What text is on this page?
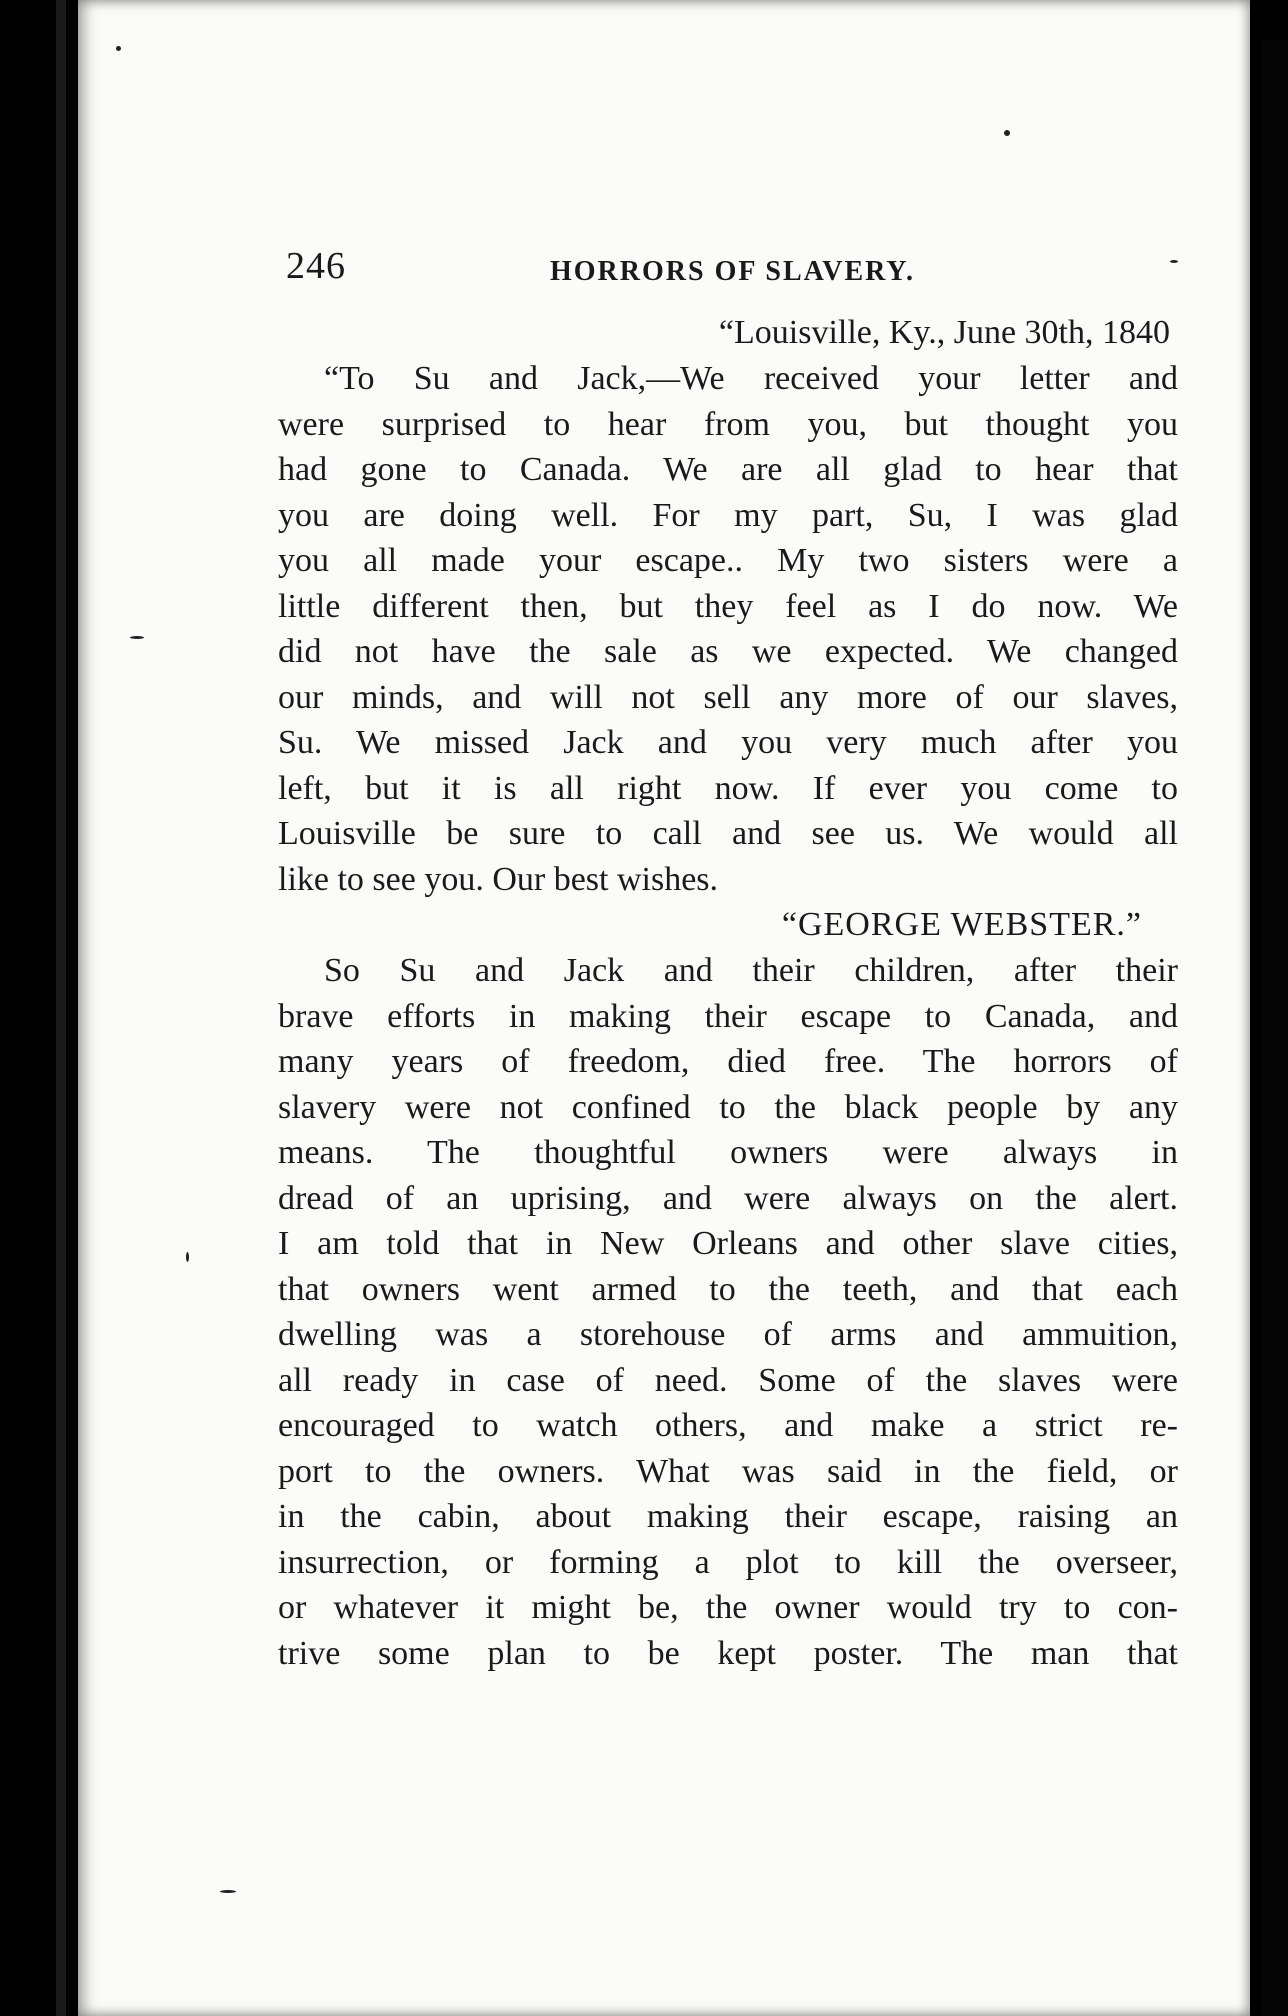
246	HORRORS OF SLAVERY.
“Louisville, Ky., June 30th, 1840
“To Su and Jack,—We received your letter and
were surprised to hear from you, but thought you
had gone to Canada. We are all glad to hear that
you are doing well. For my part, Su, I was glad
you all made your escape.. My two sisters were a
little different then, but they feel as I do now. We
did not have the sale as we expected. We changed
our minds, and will not sell any more of our slaves,
Su. We missed Jack and you very much after you
left, but it is all right now. If ever you come to
Louisville be sure to call and see us. We would all
like to see you. Our best wishes.
“GEORGE WEBSTER.”
So Su and Jack and their children, after their
brave efforts in making their escape to Canada, and
many years of freedom, died free. The horrors of
slavery were not confined to the black people by any
means. The thoughtful owners were always in
dread of an uprising, and were always on the alert.
I am told that in New Orleans and other slave cities,
that owners went armed to the teeth, and that each
dwelling was a storehouse of arms and ammuition,
all ready in case of need. Some of the slaves were
encouraged to watch others, and make a strict re-
port to the owners. What was said in the field, or
in the cabin, about making their escape, raising an
insurrection, or forming a plot to kill the overseer,
or whatever it might be, the owner would try to con-
trive some plan to be kept poster. The man that
